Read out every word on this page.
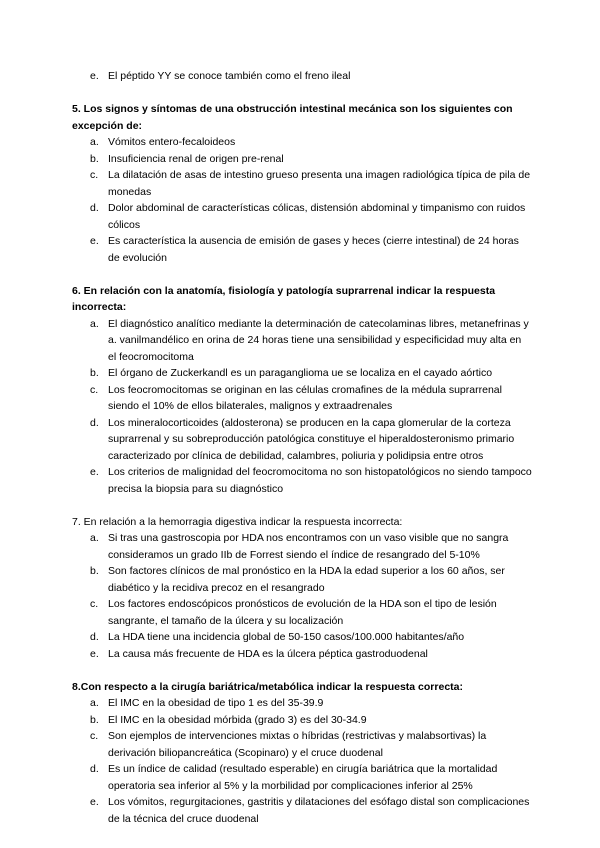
e. El péptido YY se conoce también como el freno ileal

5. Los signos y síntomas de una obstrucción intestinal mecánica son los siguientes con excepción de:

a. Vómitos entero-fecaloideos
b. Insuficiencia renal de origen pre-renal
c. La dilatación de asas de intestino grueso presenta una imagen radiológica típica de pila de monedas
d. Dolor abdominal de características cólicas, distensión abdominal y timpanismo con ruidos cólicos
e. Es característica la ausencia de emisión de gases y heces (cierre intestinal) de 24 horas de evolución

6. En relación con la anatomía, fisiología y patología suprarrenal indicar la respuesta incorrecta:

a. El diagnóstico analítico mediante la determinación de catecolaminas libres, metanefrinas y a. vanilmandélico en orina de 24 horas tiene una sensibilidad y especificidad muy alta en el feocromocitoma
b. El órgano de Zuckerkandl es un paraganglioma ue se localiza en el cayado aórtico
c. Los feocromocitomas se originan en las células cromafines de la médula suprarrenal siendo el 10% de ellos bilaterales, malignos y extraadrenales
d. Los mineralocorticoides (aldosterona) se producen en la capa glomerular de la corteza suprarrenal y su sobreproducción patológica constituye el hiperaldosteronismo primario caracterizado por clínica de debilidad, calambres, poliuria y polidipsia entre otros
e. Los criterios de malignidad del feocromocitoma no son histopatológicos no siendo tampoco precisa la biopsia para su diagnóstico

7. En relación a la hemorragia digestiva indicar la respuesta incorrecta:

a. Si tras una gastroscopia por HDA nos encontramos con un vaso visible que no sangra consideramos un grado IIb de Forrest siendo el índice de resangrado del 5-10%
b. Son factores clínicos de mal pronóstico en la HDA la edad superior a los 60 años, ser diabético y la recidiva precoz en el resangrado
c. Los factores endoscópicos pronósticos de evolución de la HDA son el tipo de lesión sangrante, el tamaño de la úlcera y su localización
d. La HDA tiene una incidencia global de 50-150 casos/100.000 habitantes/año
e. La causa más frecuente de HDA es la úlcera péptica gastroduodenal

8.Con respecto a la cirugía bariátrica/metabólica indicar la respuesta correcta:

a. El IMC en la obesidad de tipo 1 es del 35-39.9
b. El IMC en la obesidad mórbida (grado 3) es del 30-34.9
c. Son ejemplos de intervenciones mixtas o híbridas (restrictivas y malabsortivas) la derivación biliopancreática (Scopinaro) y el cruce duodenal
d. Es un índice de calidad (resultado esperable) en cirugía bariátrica que la mortalidad operatoria sea inferior al 5% y la morbilidad por complicaciones inferior al 25%
e. Los vómitos, regurgitaciones, gastritis y dilataciones del esófago distal son complicaciones de la técnica del cruce duodenal
